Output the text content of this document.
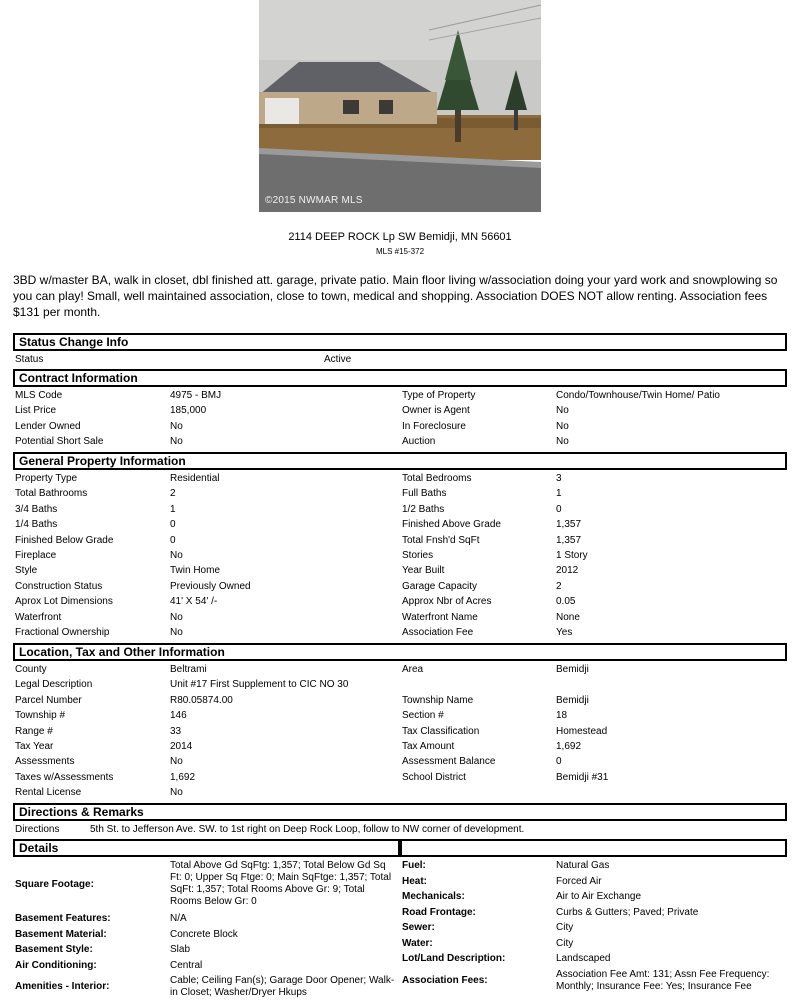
©2015 NWMAR MLS
2114 DEEP ROCK Lp SW Bemidji, MN 56601
MLS #15-372
3BD w/master BA, walk in closet, dbl finished att. garage, private patio. Main floor living w/association doing your yard work and snowplowing so you can play! Small, well maintained association, close to town, medical and shopping. Association DOES NOT allow renting. Association fees $131 per month.
Status Change Info
Status	Active
Contract Information
MLS Code	4975 - BMJ	Type of Property	Condo/Townhouse/Twin Home/ Patio
List Price	185,000	Owner is Agent	No
Lender Owned	No	In Foreclosure	No
Potential Short Sale	No	Auction	No
General Property Information
Property Type	Residential	Total Bedrooms	3
Total Bathrooms	2	Full Baths	1
3/4 Baths	1	1/2 Baths	0
1/4 Baths	0	Finished Above Grade	1,357
Finished Below Grade	0	Total Fnsh'd SqFt	1,357
Fireplace	No	Stories	1 Story
Style	Twin Home	Year Built	2012
Construction Status	Previously Owned	Garage Capacity	2
Aprox Lot Dimensions	41' X 54' /-	Approx Nbr of Acres	0.05
Waterfront	No	Waterfront Name	None
Fractional Ownership	No	Association Fee	Yes
Location, Tax and Other Information
County	Beltrami	Area	Bemidji
Legal Description	Unit #17 First Supplement to CIC NO 30
Parcel Number	R80.05874.00	Township Name	Bemidji
Township #	146	Section #	18
Range #	33	Tax Classification	Homestead
Tax Year	2014	Tax Amount	1,692
Assessments	No	Assessment Balance	0
Taxes w/Assessments	1,692	School District	Bemidji #31
Rental License	No
Directions & Remarks
Directions	5th St. to Jefferson Ave. SW. to 1st right on Deep Rock Loop, follow to NW corner of development.
Details
Square Footage:
Total Above Gd SqFtg: 1,357; Total Below Gd Sq Ft: 0; Upper Sq Ftge: 0; Main SqFtge: 1,357; Total SqFt: 1,357; Total Rooms Above Gr: 9; Total Rooms Below Gr: 0
Basement Features:	N/A
Basement Material:	Concrete Block
Basement Style:	Slab
Air Conditioning:	Central
Amenities - Interior:
Cable; Ceiling Fan(s); Garage Door Opener; Walk-in Closet; Washer/Dryer Hkups
Fuel:	Natural Gas
Heat:	Forced Air
Mechanicals:	Air to Air Exchange
Road Frontage:	Curbs & Gutters; Paved; Private
Sewer:	City
Water:	City
Lot/Land Description:	Landscaped
Association Fees:
Association Fee Amt: 131; Assn Fee Frequency: Monthly; Insurance Fee: Yes; Insurance Fee
